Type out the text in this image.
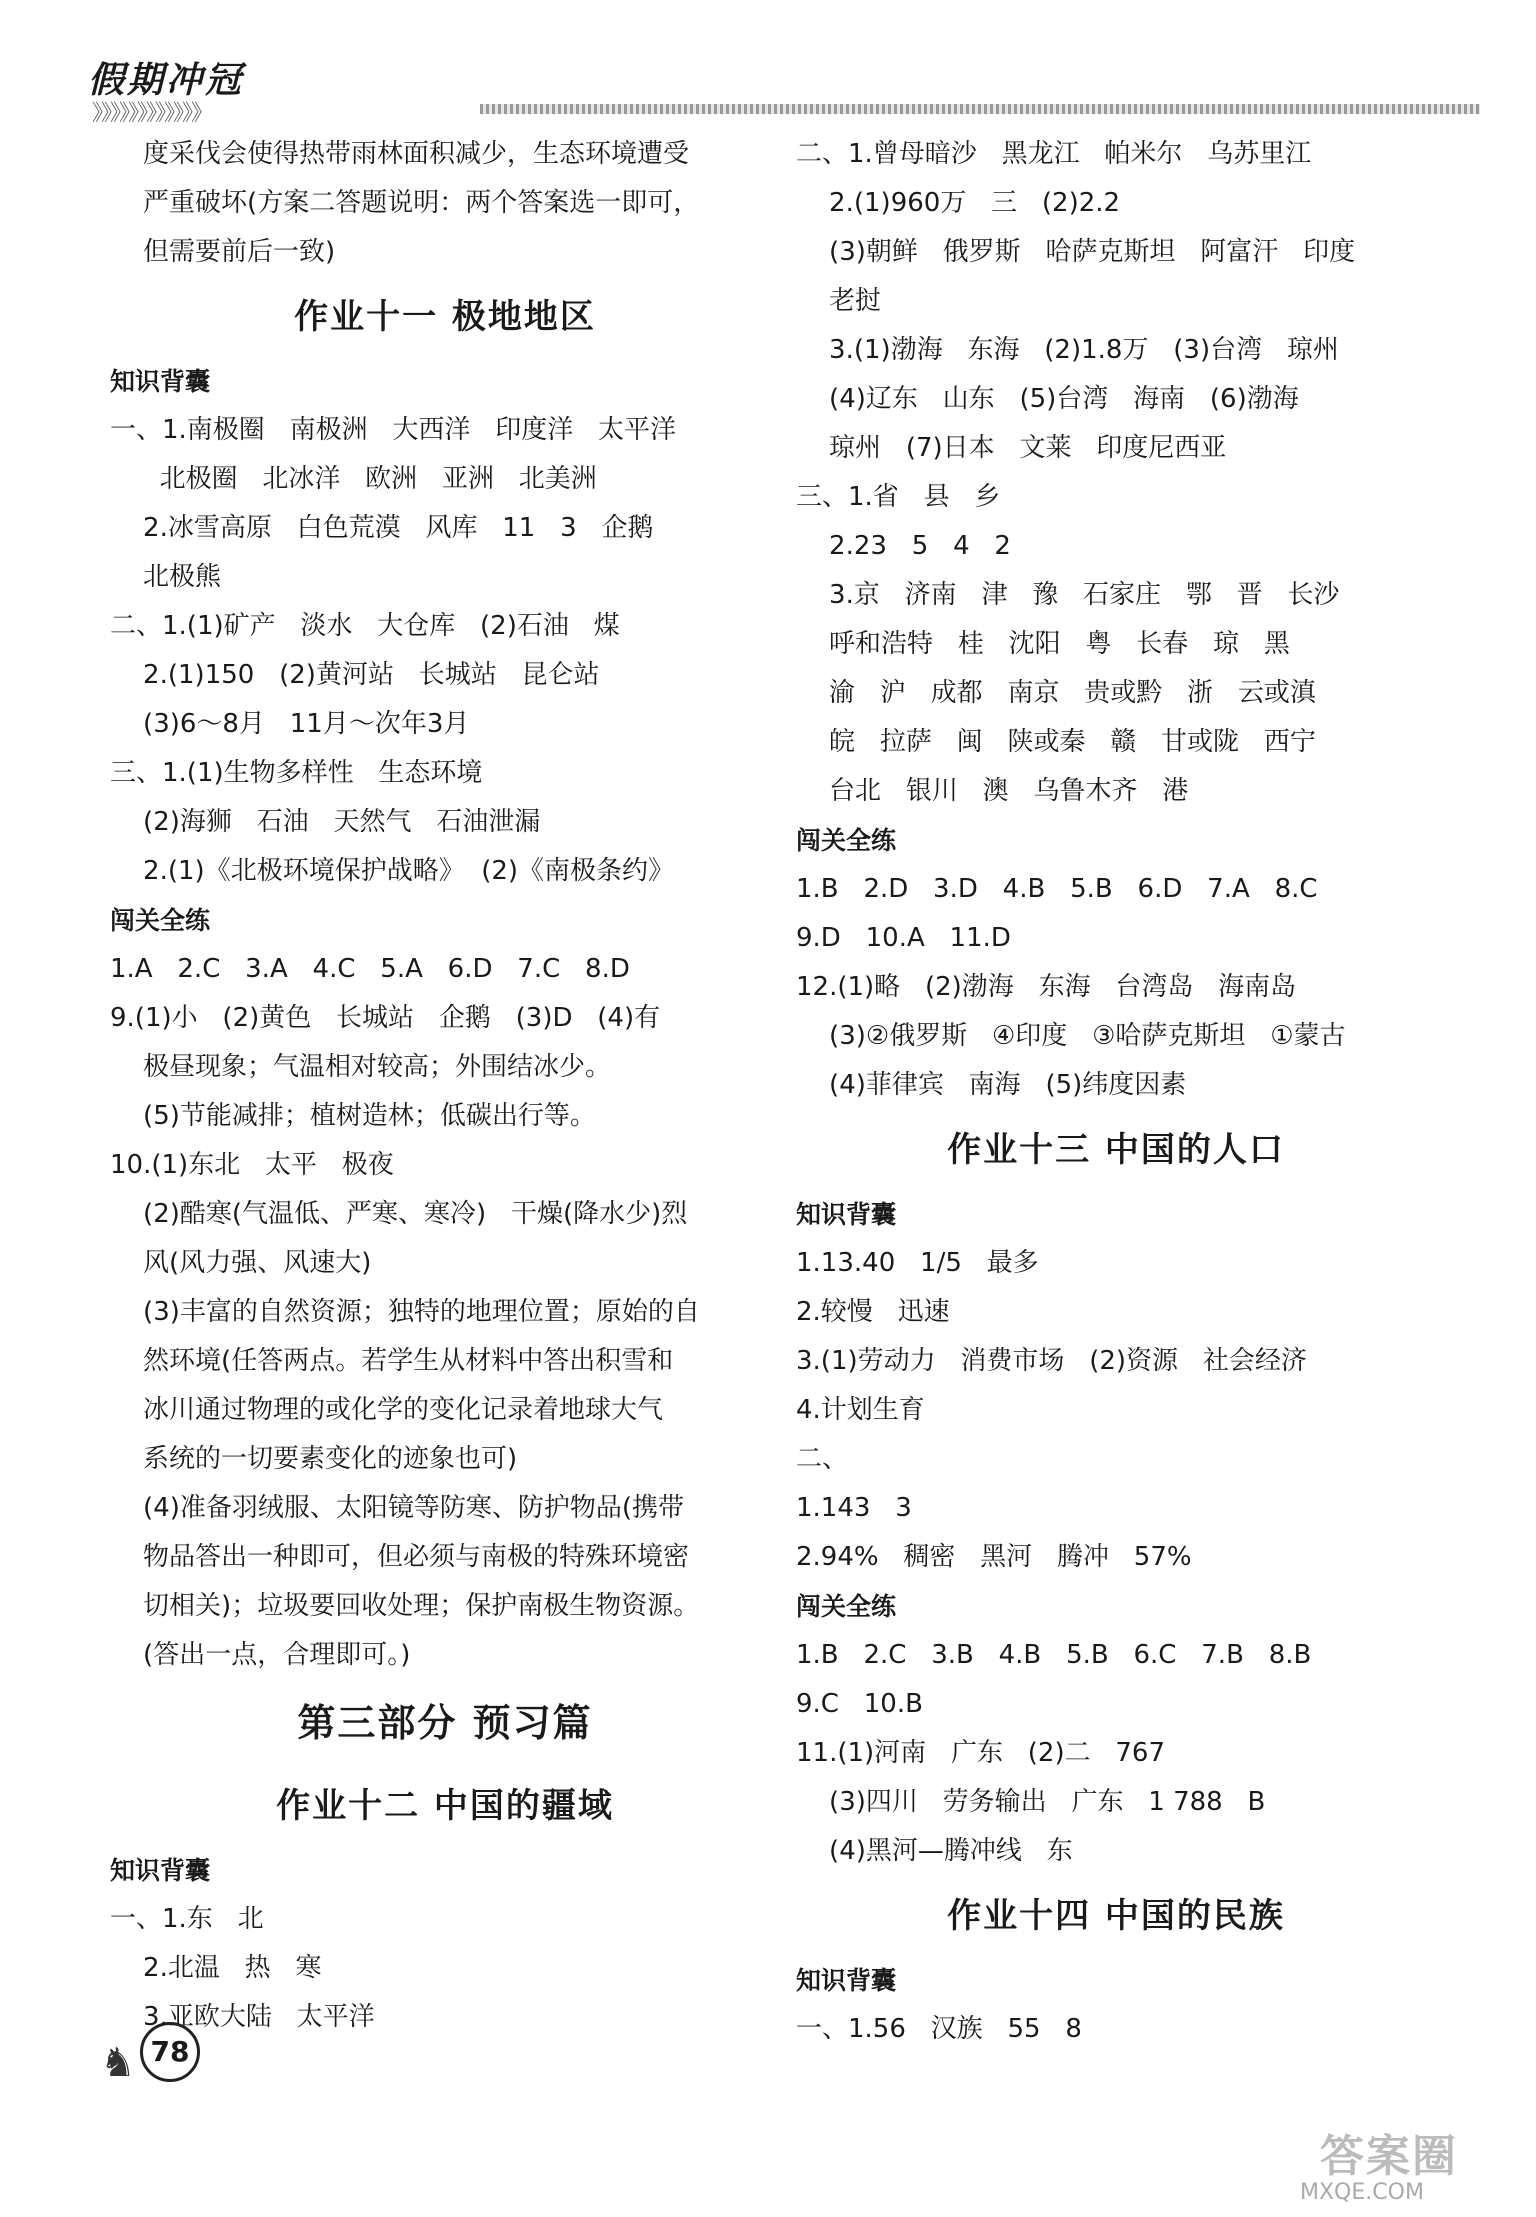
假期冲冠
》》》》》》》》》》》》
度采伐会使得热带雨林面积减少，生态环境遭受
严重破坏(方案二答题说明：两个答案选一即可，
但需要前后一致)
作业十一 极地地区
知识背囊
一、1.南极圈   南极洲   大西洋   印度洋   太平洋
北极圈   北冰洋   欧洲   亚洲   北美洲
2.冰雪高原   白色荒漠   风库   11   3   企鹅
北极熊
二、1.(1)矿产   淡水   大仓库   (2)石油   煤
2.(1)150   (2)黄河站   长城站   昆仑站
(3)6～8月   11月～次年3月
三、1.(1)生物多样性   生态环境
(2)海狮   石油   天然气   石油泄漏
2.(1)《北极环境保护战略》  (2)《南极条约》
闯关全练
1.A   2.C   3.A   4.C   5.A   6.D   7.C   8.D
9.(1)小   (2)黄色   长城站   企鹅   (3)D   (4)有
极昼现象；气温相对较高；外围结冰少。
(5)节能减排；植树造林；低碳出行等。
10.(1)东北   太平   极夜
(2)酷寒(气温低、严寒、寒冷)   干燥(降水少)烈
风(风力强、风速大)
(3)丰富的自然资源；独特的地理位置；原始的自
然环境(任答两点。若学生从材料中答出积雪和
冰川通过物理的或化学的变化记录着地球大气
系统的一切要素变化的迹象也可)
(4)准备羽绒服、太阳镜等防寒、防护物品(携带
物品答出一种即可，但必须与南极的特殊环境密
切相关)；垃圾要回收处理；保护南极生物资源。
(答出一点，合理即可。)
第三部分 预习篇
作业十二 中国的疆域
知识背囊
一、1.东   北
2.北温   热   寒
3.亚欧大陆   太平洋
二、1.曾母暗沙   黑龙江   帕米尔   乌苏里江
2.(1)960万   三   (2)2.2
(3)朝鲜   俄罗斯   哈萨克斯坦   阿富汗   印度
老挝
3.(1)渤海   东海   (2)1.8万   (3)台湾   琼州
(4)辽东   山东   (5)台湾   海南   (6)渤海
琼州   (7)日本   文莱   印度尼西亚
三、1.省   县   乡
2.23   5   4   2
3.京   济南   津   豫   石家庄   鄂   晋   长沙
呼和浩特   桂   沈阳   粤   长春   琼   黑
渝   沪   成都   南京   贵或黔   浙   云或滇
皖   拉萨   闽   陕或秦   赣   甘或陇   西宁
台北   银川   澳   乌鲁木齐   港
闯关全练
1.B   2.D   3.D   4.B   5.B   6.D   7.A   8.C
9.D   10.A   11.D
12.(1)略   (2)渤海   东海   台湾岛   海南岛
(3)②俄罗斯   ④印度   ③哈萨克斯坦   ①蒙古
(4)菲律宾   南海   (5)纬度因素
作业十三 中国的人口
知识背囊
1.13.40   1/5   最多
2.较慢   迅速
3.(1)劳动力   消费市场   (2)资源   社会经济
4.计划生育
二、
1.143   3
2.94%   稠密   黑河   腾冲   57%
闯关全练
1.B   2.C   3.B   4.B   5.B   6.C   7.B   8.B
9.C   10.B
11.(1)河南   广东   (2)二   767
(3)四川   劳务输出   广东   1 788   B
(4)黑河—腾冲线   东
作业十四 中国的民族
知识背囊
一、1.56   汉族   55   8
♞ 78
答案圈
MXQE.COM
